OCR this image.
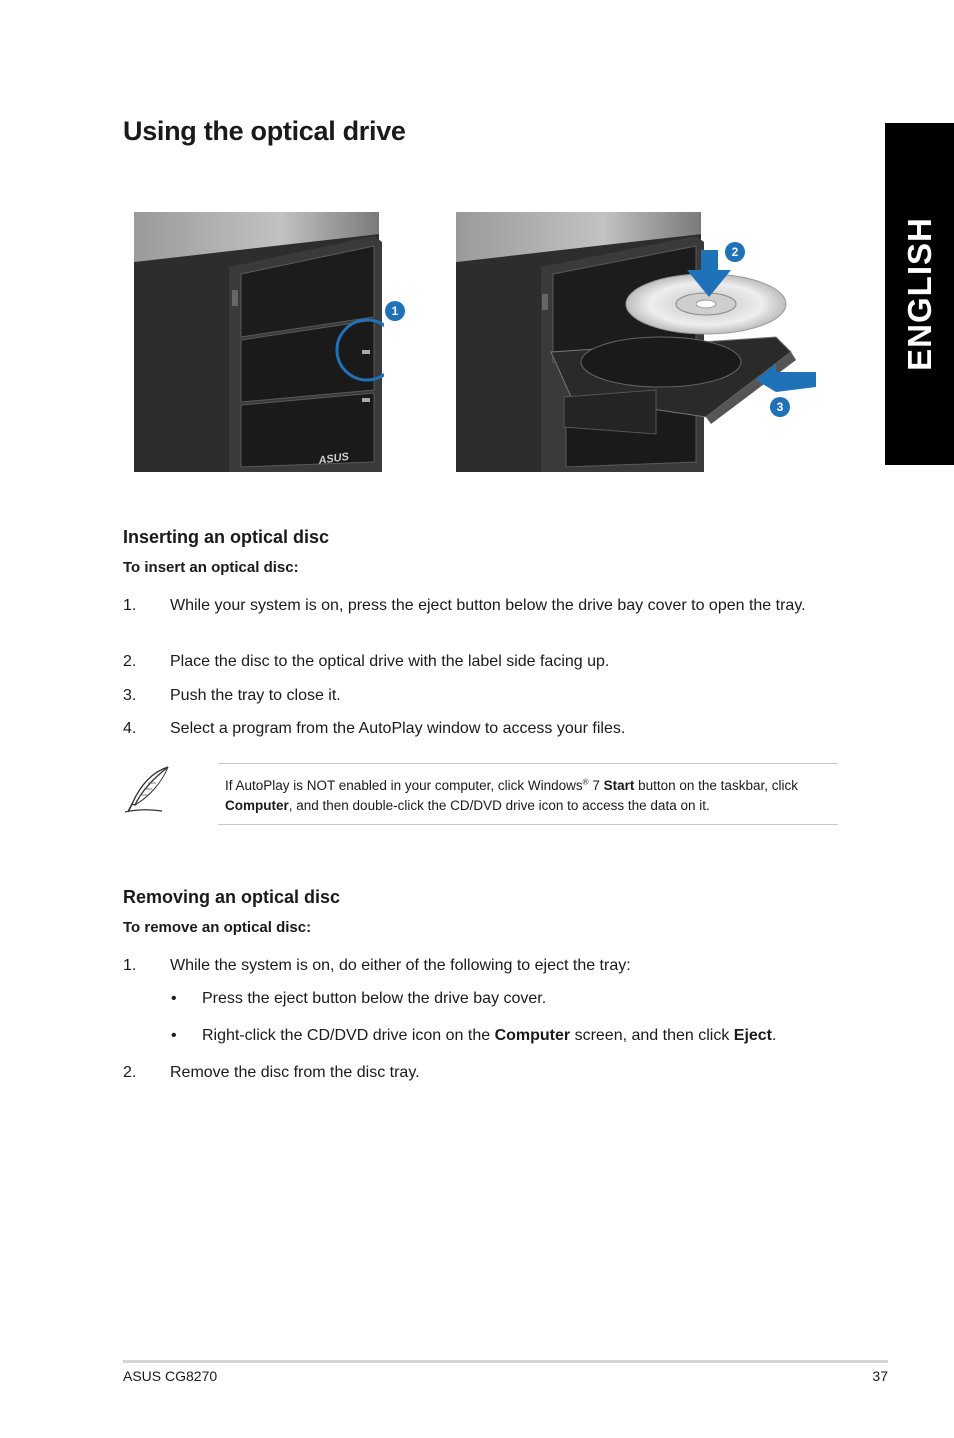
Using the optical drive
ENGLISH
ASUS
1
2
3
Inserting an optical disc
To insert an optical disc:
1. While your system is on, press the eject button below the drive bay cover to open the tray.
2. Place the disc to the optical drive with the label side facing up.
3. Push the tray to close it.
4. Select a program from the AutoPlay window to access your files.
If AutoPlay is NOT enabled in your computer, click Windows® 7 Start button on the taskbar, click Computer, and then double-click the CD/DVD drive icon to access the data on it.
Removing an optical disc
To remove an optical disc:
1. While the system is on, do either of the following to eject the tray:
• Press the eject button below the drive bay cover.
• Right-click the CD/DVD drive icon on the Computer screen, and then click Eject.
2. Remove the disc from the disc tray.
ASUS CG8270	37
